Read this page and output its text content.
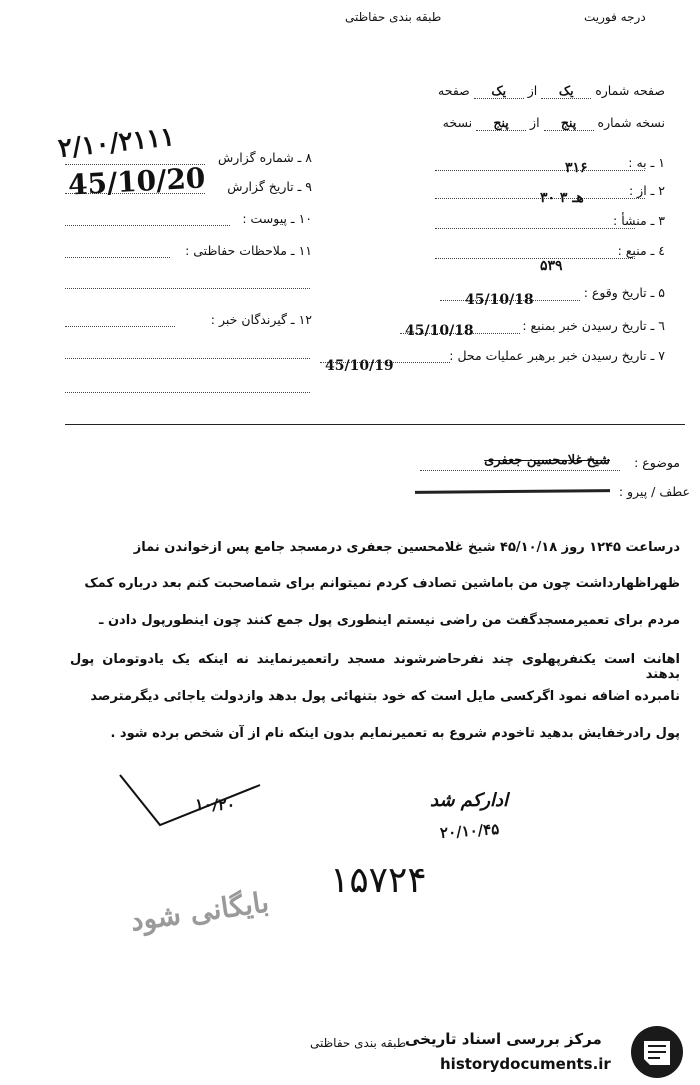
درجه فوریت
طبقه بندی حفاظتی
صفحه شماره یک از یک صفحه
نسخه شماره پنج از پنج نسخه
۱ ـ به :
۳۱۶
۲ ـ از :
۳۰ هـ ۳
۳ ـ منشأ :
٤ ـ منبع :
۵۳۹
۵ ـ تاریخ وقوع :
45/10/18
٦ ـ تاریخ رسیدن خبر بمنبع :
45/10/18
۷ ـ تاریخ رسیدن خبر برهبر عملیات محل :
45/10/19
۸ ـ شماره گزارش
۲/۱۰/۲۱۱۱
۹ ـ تاریخ گزارش
45/10/20
۱۰ ـ پیوست :
۱۱ ـ ملاحظات حفاظتی :
۱۲ ـ گیرندگان خبر :
موضوع :
شیخ غلامحسین جعفری
عطف / پیرو :
درساعت ۱۲۴۵ روز ۴۵/۱۰/۱۸ شیخ غلامحسین جعفری درمسجد جامع پس ازخواندن نماز
ظهراظهارداشت چون من باماشین تصادف کردم نمیتوانم برای شماصحبت کنم بعد درباره کمک
مردم برای تعمیرمسجدگفت من راضی نیستم اینطوری پول جمع کنند چون اینطورپول دادن ـ
اهانت است یکنفرپهلوی چند نفرحاضرشوند مسجد راتعمیرنمایند نه اینکه یک یادوتومان پول بدهند
نامبرده اضافه نمود اگرکسی مایل است که خود بتنهائی پول بدهد وازدولت یاجائی دیگرمترصد
پول رادرخفایش بدهید تاخودم شروع به تعمیرنمایم بدون اینکه نام از آن شخص برده شود .
۱۰/۲۰	ادارکم شد
۲۰/۱۰/۴۵
۱۵۷۲۴
بایگانی شود
طبقه بندی حفاظتی
مرکز بررسی اسناد تاریخی
historydocuments.ir
